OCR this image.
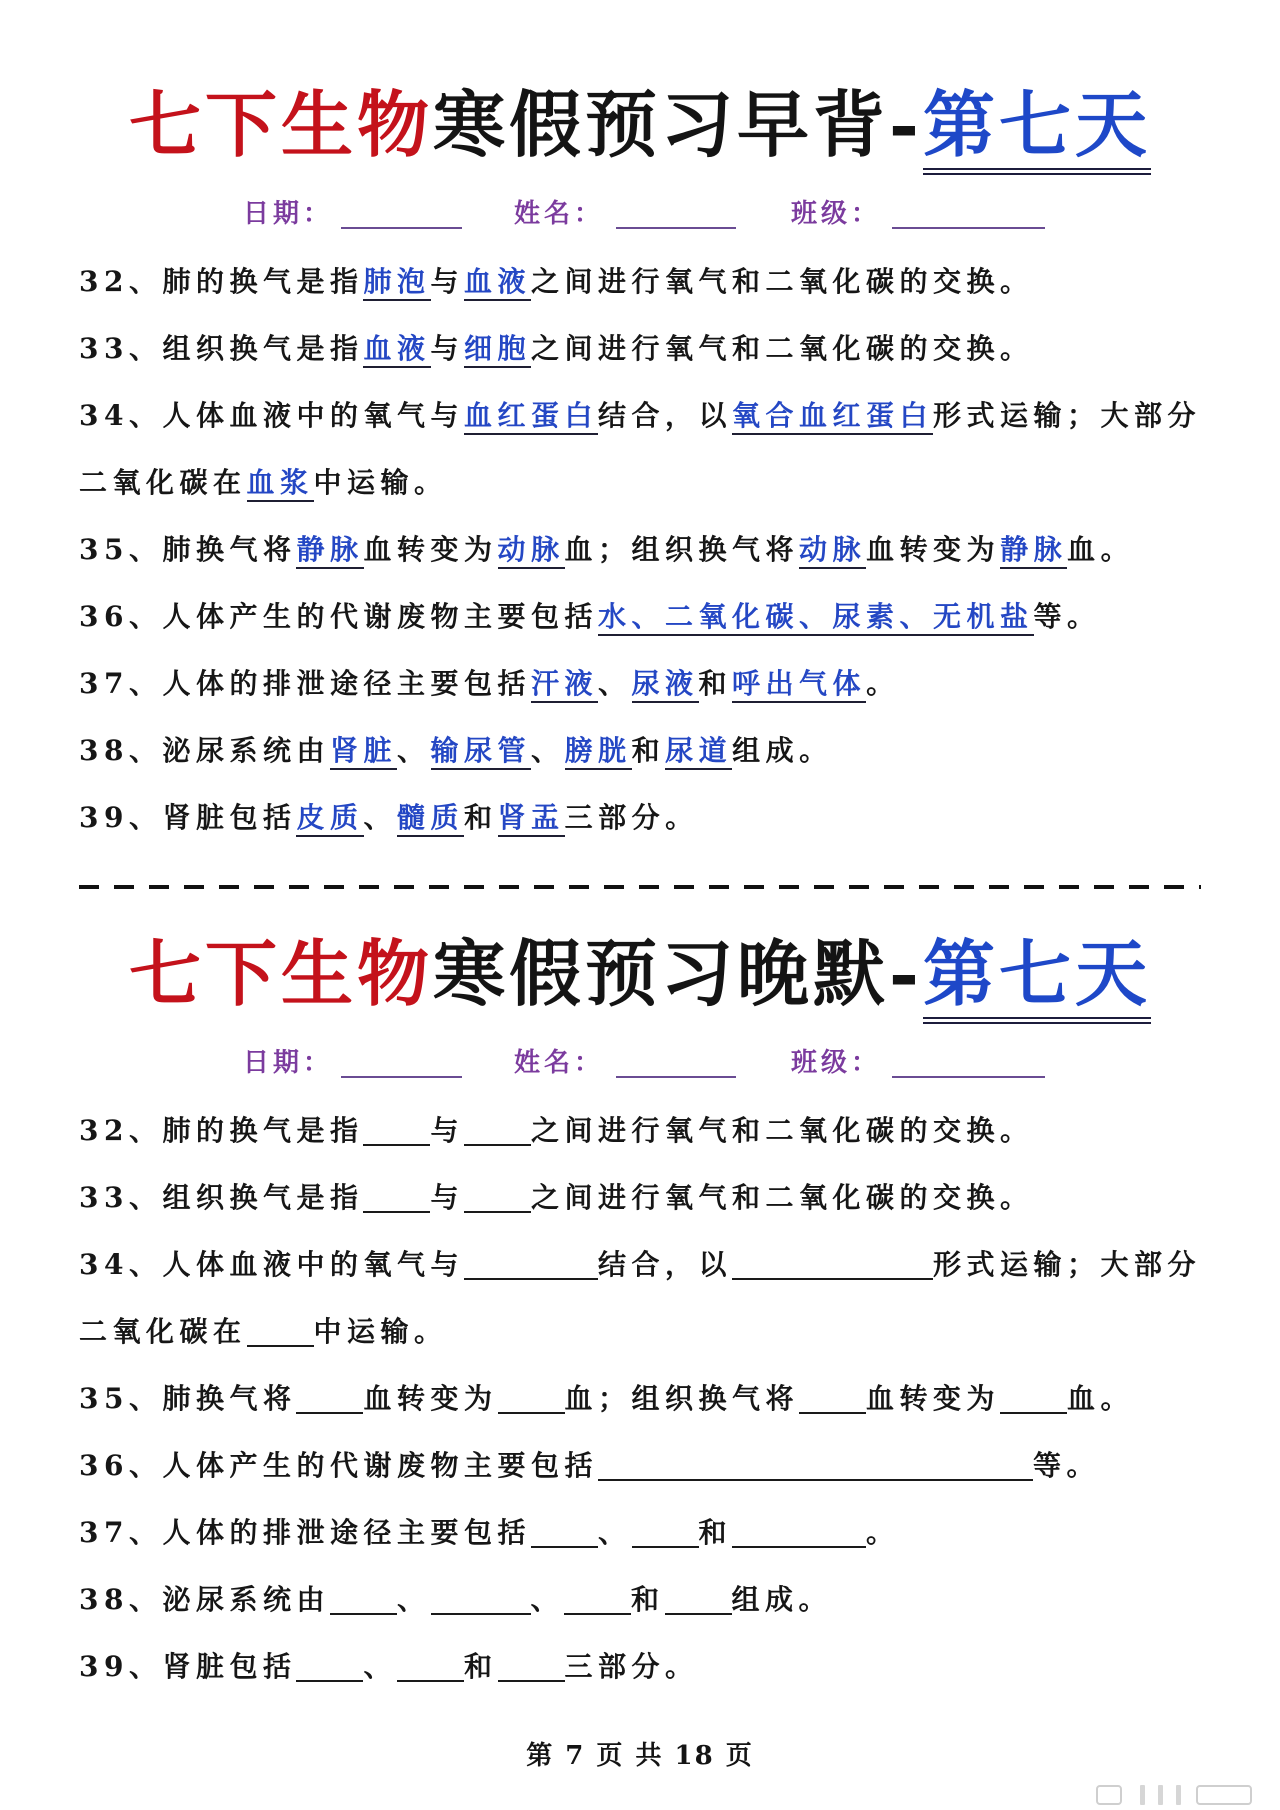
七下生物寒假预习早背-第七天
日期：	姓名：	班级：
32、肺的换气是指肺泡与血液之间进行氧气和二氧化碳的交换。
33、组织换气是指血液与细胞之间进行氧气和二氧化碳的交换。
34、人体血液中的氧气与血红蛋白结合，以氧合血红蛋白形式运输；大部分
二氧化碳在血浆中运输。
35、肺换气将静脉血转变为动脉血；组织换气将动脉血转变为静脉血。
36、人体产生的代谢废物主要包括水、二氧化碳、尿素、无机盐等。
37、人体的排泄途径主要包括汗液、尿液和呼出气体。
38、泌尿系统由肾脏、输尿管、膀胱和尿道组成。
39、肾脏包括皮质、髓质和肾盂三部分。
七下生物寒假预习晚默-第七天
日期：	姓名：	班级：
32、肺的换气是指 与 之间进行氧气和二氧化碳的交换。
33、组织换气是指 与 之间进行氧气和二氧化碳的交换。
34、人体血液中的氧气与	结合，以	形式运输；大部分
二氧化碳在 中运输。
35、肺换气将 血转变为 血；组织换气将 血转变为 血。
36、人体产生的代谢废物主要包括	等。
37、人体的排泄途径主要包括 、 和	。
38、泌尿系统由 、	、 和 组成。
39、肾脏包括 、 和 三部分。
第 7 页 共 18 页
